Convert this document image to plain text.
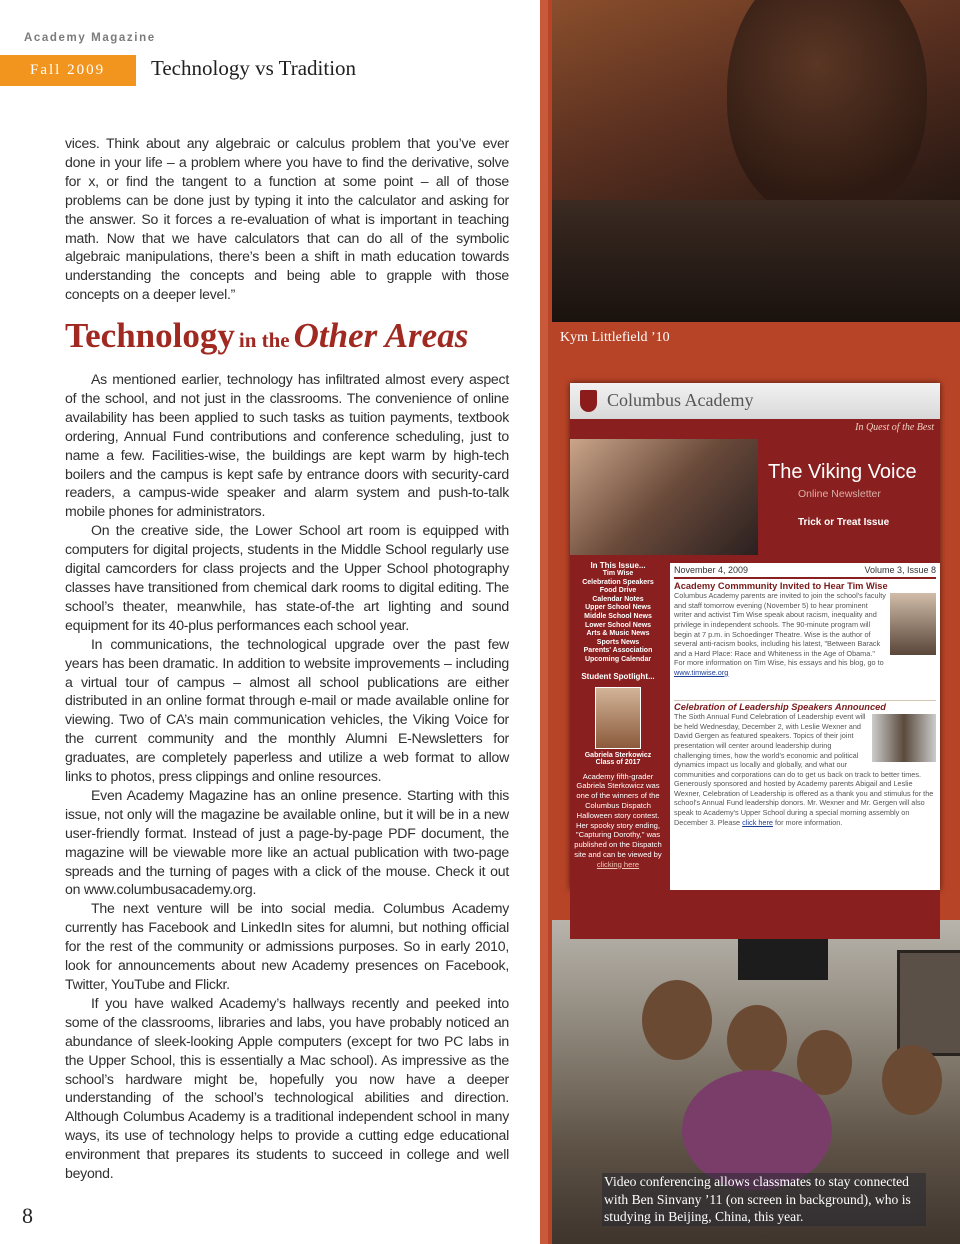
Academy Magazine
Fall 2009	Technology vs Tradition

vices. Think about any algebraic or calculus problem that you’ve ever done in your life – a problem where you have to find the derivative, solve for x, or find the tangent to a function at some point – all of those problems can be done just by typing it into the calculator and asking for the answer. So it forces a re-evaluation of what is important in teaching math. Now that we have calculators that can do all of the symbolic algebraic manipulations, there’s been a shift in math education towards understanding the concepts and being able to grapple with those concepts on a deeper level.”

Technology in the Other Areas

As mentioned earlier, technology has infiltrated almost every aspect of the school, and not just in the classrooms. The convenience of online availability has been applied to such tasks as tuition payments, textbook ordering, Annual Fund contributions and conference scheduling, just to name a few. Facilities-wise, the buildings are kept warm by high-tech boilers and the campus is kept safe by entrance doors with security-card readers, a campus-wide speaker and alarm system and push-to-talk mobile phones for administrators.

On the creative side, the Lower School art room is equipped with computers for digital projects, students in the Middle School regularly use digital camcorders for class projects and the Upper School photography classes have transitioned from chemical dark rooms to digital editing. The school’s theater, meanwhile, has state-of-the art lighting and sound equipment for its 40-plus performances each school year.

In communications, the technological upgrade over the past few years has been dramatic. In addition to website improvements – including a virtual tour of campus – almost all school publications are either distributed in an online format through e-mail or made available online for viewing. Two of CA’s main communication vehicles, the Viking Voice for the current community and the monthly Alumni E-Newsletters for graduates, are completely paperless and utilize a web format to allow links to photos, press clippings and online resources.

Even Academy Magazine has an online presence. Starting with this issue, not only will the magazine be available online, but it will be in a new user-friendly format. Instead of just a page-by-page PDF document, the magazine will be viewable more like an actual publication with two-page spreads and the turning of pages with a click of the mouse. Check it out on www.columbusacademy.org.

The next venture will be into social media. Columbus Academy currently has Facebook and LinkedIn sites for alumni, but nothing official for the rest of the community or admissions purposes. So in early 2010, look for announcements about new Academy presences on Facebook, Twitter, YouTube and Flickr.

If you have walked Academy’s hallways recently and peeked into some of the classrooms, libraries and labs, you have probably noticed an abundance of sleek-looking Apple computers (except for two PC labs in the Upper School, this is essentially a Mac school). As impressive as the school’s hardware might be, hopefully you now have a deeper understanding of the school’s technological abilities and direction. Although Columbus Academy is a traditional independent school in many ways, its use of technology helps to provide a cutting edge educational environment that prepares its students to succeed in college and well beyond.

8
Kym Littlefield ’10
Video conferencing allows classmates to stay connected with Ben Sinvany ’11 (on screen in background), who is studying in Beijing, China, this year.
Columbus Academy
In Quest of the Best
The Viking Voice
Online Newsletter
Trick or Treat Issue
In This Issue...
Tim Wise
Celebration Speakers
Food Drive
Calendar Notes
Upper School News
Middle School News
Lower School News
Arts & Music News
Sports News
Parents' Association
Upcoming Calendar
Student Spotlight...
Gabriela Sterkowicz
Class of 2017
Academy fifth-grader Gabriela Sterkowicz was one of the winners of the Columbus Dispatch Halloween story contest. Her spooky story ending, "Capturing Dorothy," was published on the Dispatch site and can be viewed by clicking here
November 4, 2009	Volume 3, Issue 8
Academy Commmunity Invited to Hear Tim Wise
Columbus Academy parents are invited to join the school's faculty and staff tomorrow evening (November 5) to hear prominent writer and activist Tim Wise speak about racism, inequality and privilege in independent schools. The 90-minute program will begin at 7 p.m. in Schoedinger Theatre. Wise is the author of several anti-racism books, including his latest, "Between Barack and a Hard Place: Race and Whiteness in the Age of Obama." For more information on Tim Wise, his essays and his blog, go to www.timwise.org
Celebration of Leadership Speakers Announced
The Sixth Annual Fund Celebration of Leadership event will be held Wednesday, December 2, with Leslie Wexner and David Gergen as featured speakers. Topics of their joint presentation will center around leadership during challenging times, how the world's economic and political dynamics impact us locally and globally, and what our communities and corporations can do to get us back on track to better times. Generously sponsored and hosted by Academy parents Abigail and Leslie Wexner, Celebration of Leadership is offered as a thank you and stimulus for the school's Annual Fund leadership donors. Mr. Wexner and Mr. Gergen will also speak to Academy's Upper School during a special morning assembly on December 3. Please click here for more information.
